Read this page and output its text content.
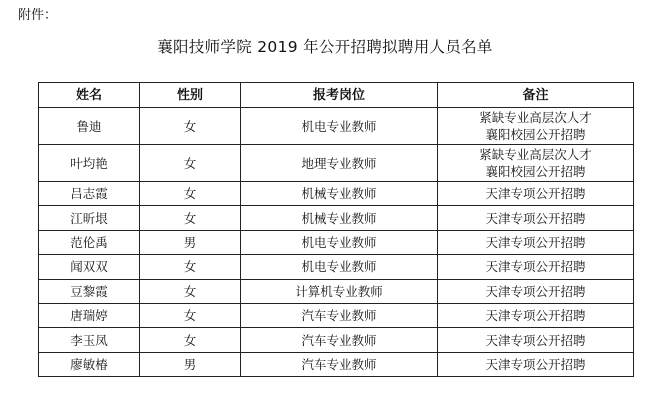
附件：
襄阳技师学院 2019 年公开招聘拟聘用人员名单
姓名	性别	报考岗位	备注
鲁迪	女	机电专业教师	紧缺专业高层次人才
襄阳校园公开招聘

叶均艳	女	地理专业教师	紧缺专业高层次人才
襄阳校园公开招聘

吕志霞	女	机械专业教师	天津专项公开招聘

江昕垠	女	机械专业教师	天津专项公开招聘

范伦禹	男	机电专业教师	天津专项公开招聘

闻双双	女	机电专业教师	天津专项公开招聘

豆黎霞	女	计算机专业教师	天津专项公开招聘

唐瑞婷	女	汽车专业教师	天津专项公开招聘

李玉凤	女	汽车专业教师	天津专项公开招聘

廖敏椿	男	汽车专业教师	天津专项公开招聘
